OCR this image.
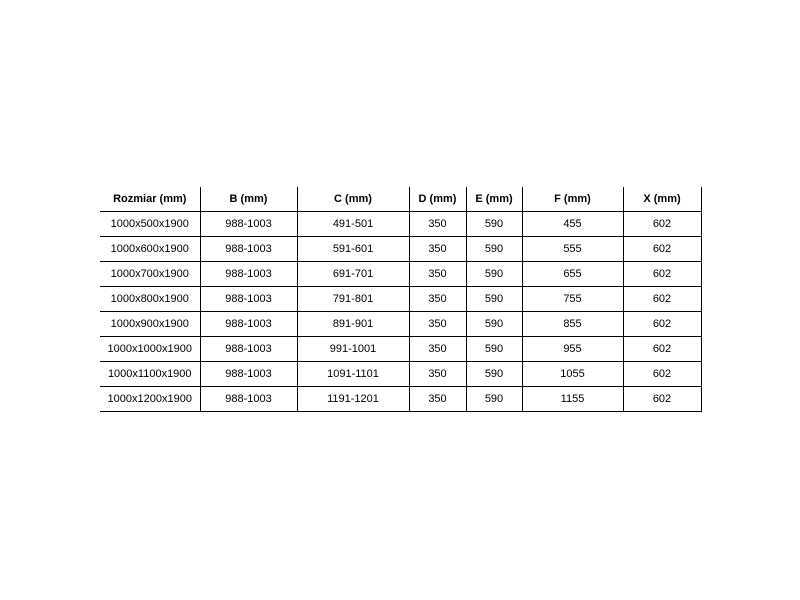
Rozmiar (mm)	B (mm)	C (mm)	D (mm)	E (mm)	F (mm)	X (mm)
1000x500x1900	988-1003	491-501	350	590	455	602
1000x600x1900	988-1003	591-601	350	590	555	602
1000x700x1900	988-1003	691-701	350	590	655	602
1000x800x1900	988-1003	791-801	350	590	755	602
1000x900x1900	988-1003	891-901	350	590	855	602
1000x1000x1900	988-1003	991-1001	350	590	955	602
1000x1100x1900	988-1003	1091-1101	350	590	1055	602
1000x1200x1900	988-1003	1191-1201	350	590	1155	602
